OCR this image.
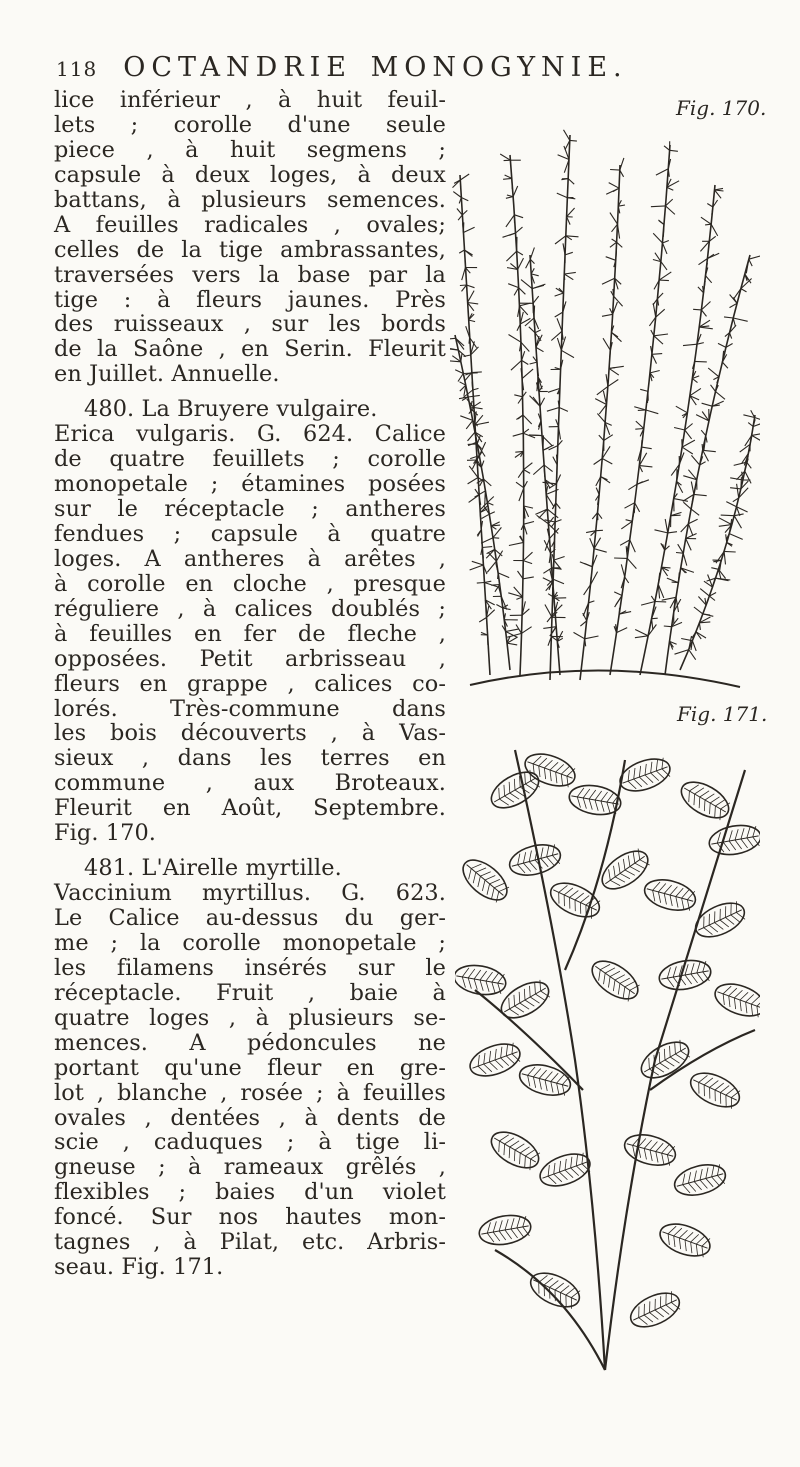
118 OCTANDRIE MONOGYNIE.
lice inférieur , à huit feuil-
lets ; corolle d'une seule
piece , à huit segmens ;
capsule à deux loges, à deux
battans, à plusieurs semences.
A feuilles radicales , ovales;
celles de la tige ambrassantes,
traversées vers la base par la
tige : à fleurs jaunes. Près
des ruisseaux , sur les bords
de la Saône , en Serin. Fleurit
en Juillet. Annuelle.
480. La Bruyere vulgaire.
Erica vulgaris. G. 624. Calice
de quatre feuillets ; corolle
monopetale ; étamines posées
sur le réceptacle ; antheres
fendues ; capsule à quatre
loges. A antheres à arêtes ,
à corolle en cloche , presque
réguliere , à calices doublés ;
à feuilles en fer de fleche ,
opposées. Petit arbrisseau ,
fleurs en grappe , calices co-
lorés. Très-commune dans
les bois découverts , à Vas-
sieux , dans les terres en
commune , aux Broteaux.
Fleurit en Août, Septembre.
Fig. 170.
481. L'Airelle myrtille.
Vaccinium myrtillus. G. 623.
Le Calice au-dessus du ger-
me ; la corolle monopetale ;
les filamens insérés sur le
réceptacle. Fruit , baie à
quatre loges , à plusieurs se-
mences. A pédoncules ne
portant qu'une fleur en gre-
lot , blanche , rosée ; à feuilles
ovales , dentées , à dents de
scie , caduques ; à tige li-
gneuse ; à rameaux grêlés ,
flexibles ; baies d'un violet
foncé. Sur nos hautes mon-
tagnes , à Pilat, etc. Arbris-
seau. Fig. 171.
Fig. 170.
Fig. 171.
